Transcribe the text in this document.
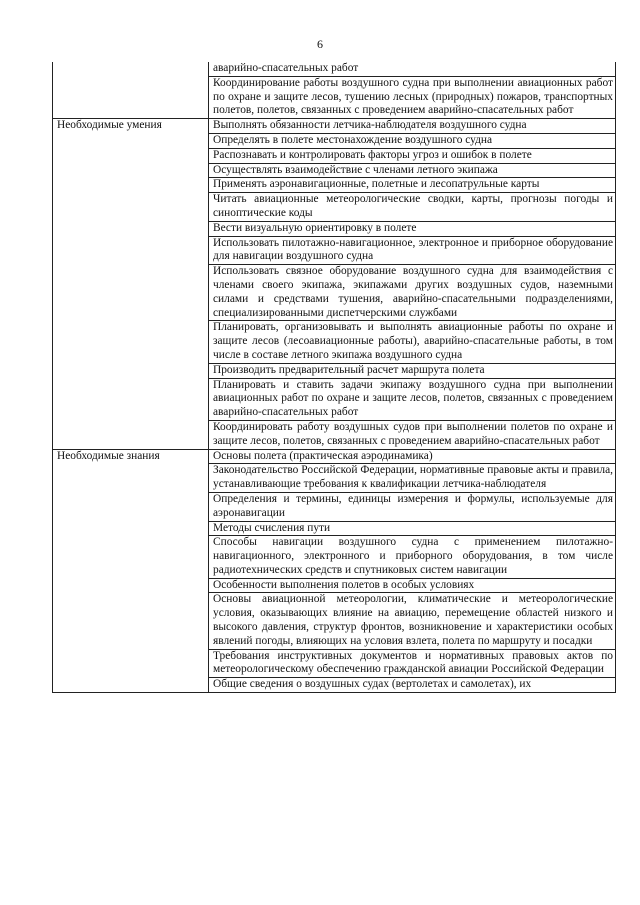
6
	аварийно-спасательных работ
	Координирование работы воздушного судна при выполнении авиационных работ по охране и защите лесов, тушению лесных (природных) пожаров, транспортных полетов, полетов, связанных с проведением аварийно-спасательных работ
Необходимые умения	Выполнять обязанности летчика-наблюдателя воздушного судна
	Определять в полете местонахождение воздушного судна
	Распознавать и контролировать факторы угроз и ошибок в полете
	Осуществлять взаимодействие с членами летного экипажа
	Применять аэронавигационные, полетные и лесопатрульные карты
	Читать авиационные метеорологические сводки, карты, прогнозы погоды и синоптические коды
	Вести визуальную ориентировку в полете
	Использовать пилотажно-навигационное, электронное и приборное оборудование для навигации воздушного судна
	Использовать связное оборудование воздушного судна для взаимодействия с членами своего экипажа, экипажами других воздушных судов, наземными силами и средствами тушения, аварийно-спасательными подразделениями, специализированными диспетчерскими службами
	Планировать, организовывать и выполнять авиационные работы по охране и защите лесов (лесоавиационные работы), аварийно-спасательные работы, в том числе в составе летного экипажа воздушного судна
	Производить предварительный расчет маршрута полета
	Планировать и ставить задачи экипажу воздушного судна при выполнении авиационных работ по охране и защите лесов, полетов, связанных с проведением аварийно-спасательных работ
	Координировать работу воздушных судов при выполнении полетов по охране и защите лесов, полетов, связанных с проведением аварийно-спасательных работ
Необходимые знания	Основы полета (практическая аэродинамика)
	Законодательство Российской Федерации, нормативные правовые акты и правила, устанавливающие требования к квалификации летчика-наблюдателя
	Определения и термины, единицы измерения и формулы, используемые для аэронавигации
	Методы счисления пути
	Способы навигации воздушного судна с применением пилотажно-навигационного, электронного и приборного оборудования, в том числе радиотехнических средств и спутниковых систем навигации
	Особенности выполнения полетов в особых условиях
	Основы авиационной метеорологии, климатические и метеорологические условия, оказывающих влияние на авиацию, перемещение областей низкого и высокого давления, структур фронтов, возникновение и характеристики особых явлений погоды, влияющих на условия взлета, полета по маршруту и посадки
	Требования инструктивных документов и нормативных правовых актов по метеорологическому обеспечению гражданской авиации Российской Федерации
	Общие сведения о воздушных судах (вертолетах и самолетах), их
